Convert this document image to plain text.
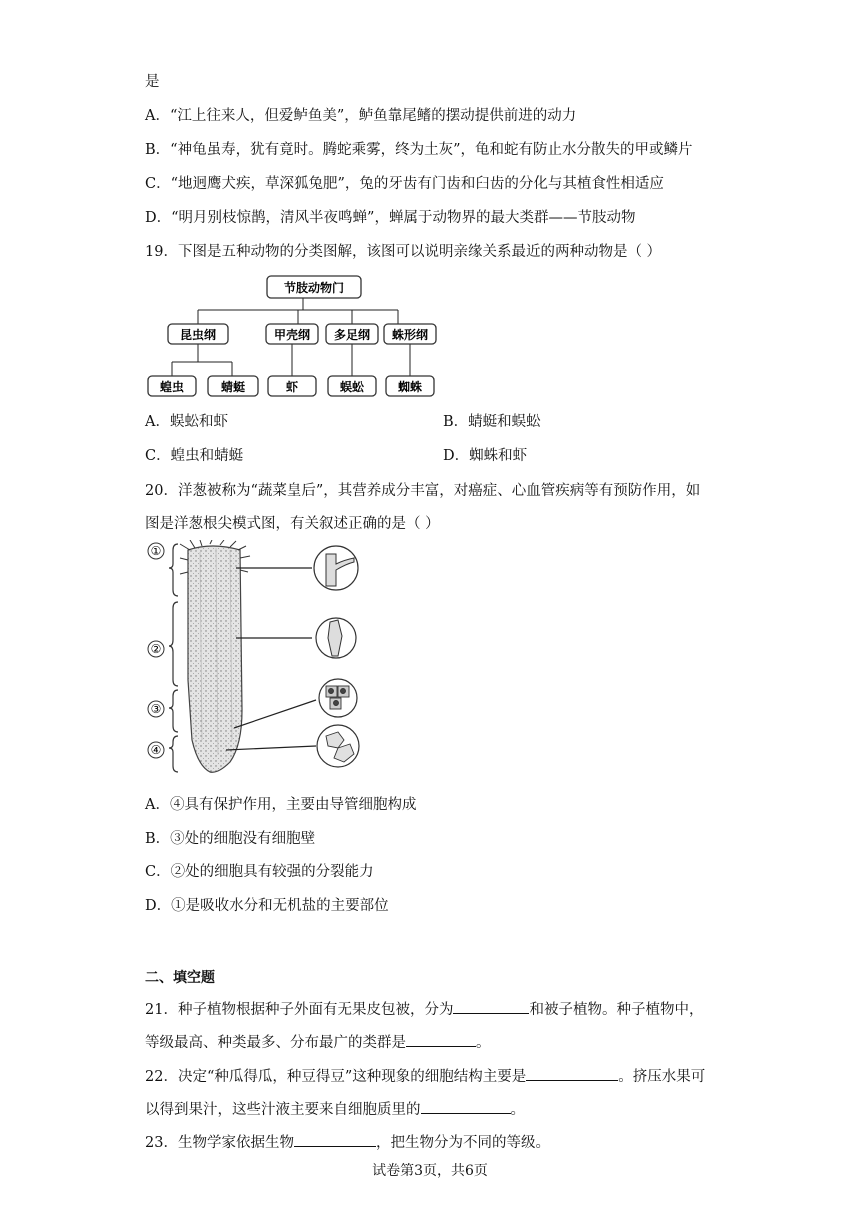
是
A．“江上往来人，但爱鲈鱼美”，鲈鱼靠尾鳍的摆动提供前进的动力
B．“神龟虽寿，犹有竟时。腾蛇乘雾，终为土灰”，龟和蛇有防止水分散失的甲或鳞片
C．“地迥鹰犬疾，草深狐兔肥”，兔的牙齿有门齿和臼齿的分化与其植食性相适应
D．“明月别枝惊鹊，清风半夜鸣蝉”，蝉属于动物界的最大类群——节肢动物
19．下图是五种动物的分类图解，该图可以说明亲缘关系最近的两种动物是（ ）
节肢动物门
昆虫纲	甲壳纲 多足纲 蛛形纲
蝗虫	蜻蜓	虾	蜈蚣	蜘蛛
A．蜈蚣和虾	B．蜻蜓和蜈蚣
C．蝗虫和蜻蜓	D．蜘蛛和虾
20．洋葱被称为“蔬菜皇后”，其营养成分丰富，对癌症、心血管疾病等有预防作用，如
图是洋葱根尖模式图，有关叙述正确的是（ ）
①
②
③
④
A．④具有保护作用，主要由导管细胞构成
B．③处的细胞没有细胞壁
C．②处的细胞具有较强的分裂能力
D．①是吸收水分和无机盐的主要部位
二、填空题
21．种子植物根据种子外面有无果皮包被，分为	和被子植物。种子植物中，
等级最高、种类最多、分布最广的类群是	。
22．决定“种瓜得瓜，种豆得豆”这种现象的细胞结构主要是	。挤压水果可
以得到果汁，这些汁液主要来自细胞质里的	。
23．生物学家依据生物	，把生物分为不同的等级。
试卷第3页，共6页
